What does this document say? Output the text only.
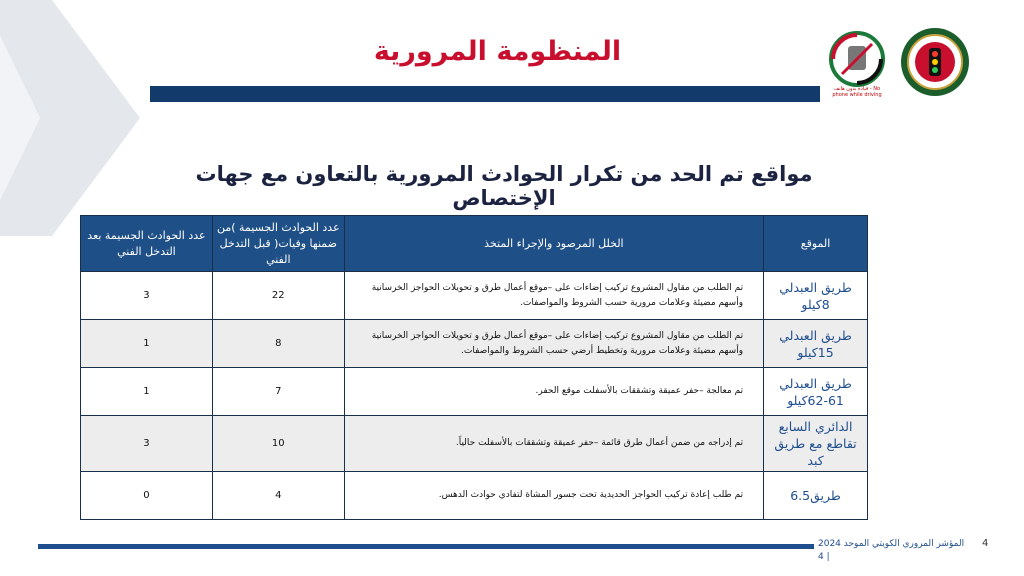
المنظومة المرورية
قيادة بدون هاتف - No phone while driving
مواقع تم الحد من تكرار الحوادث المرورية بالتعاون مع جهات الإختصاص
الموقع	الخلل المرصود والإجراء المتخذ	عدد الحوادث الجسيمة )من ضمنها وفيات( قبل التدخل الفني	عدد الحوادث الجسيمة بعد التدخل الفني
طريق العبدلي 8كيلو	تم الطلب من مقاول المشروع تركيب إضاءات على –موقع أعمال طرق و تحويلات الحواجز الخرسانية وأسهم مضيئة وعلامات مرورية حسب الشروط والمواصفات.	22	3
طريق العبدلي 15كيلو	تم الطلب من مقاول المشروع تركيب إضاءات على –موقع أعمال طرق و تحويلات الحواجز الخرسانية وأسهم مضيئة وعلامات مرورية وتخطيط أرضي حسب الشروط والمواصفات.	8	1
طريق العبدلي 61-62كيلو	تم معالجة –حفر عميقة وتشققات بالأسفلت موقع الحفر.	7	1
الدائري السابع تقاطع مع طريق كبد	تم إدراجه من ضمن أعمال طرق قائمة –حفر عميقة وتشققات بالأسفلت حالياً.	10	3
طريق6.5	تم طلب إعادة تركيب الحواجز الحديدية تحت جسور المشاة لتفادي حوادث الدهس.	4	0
المؤشر المروري الكويتي الموحد 2024 | 4
4
